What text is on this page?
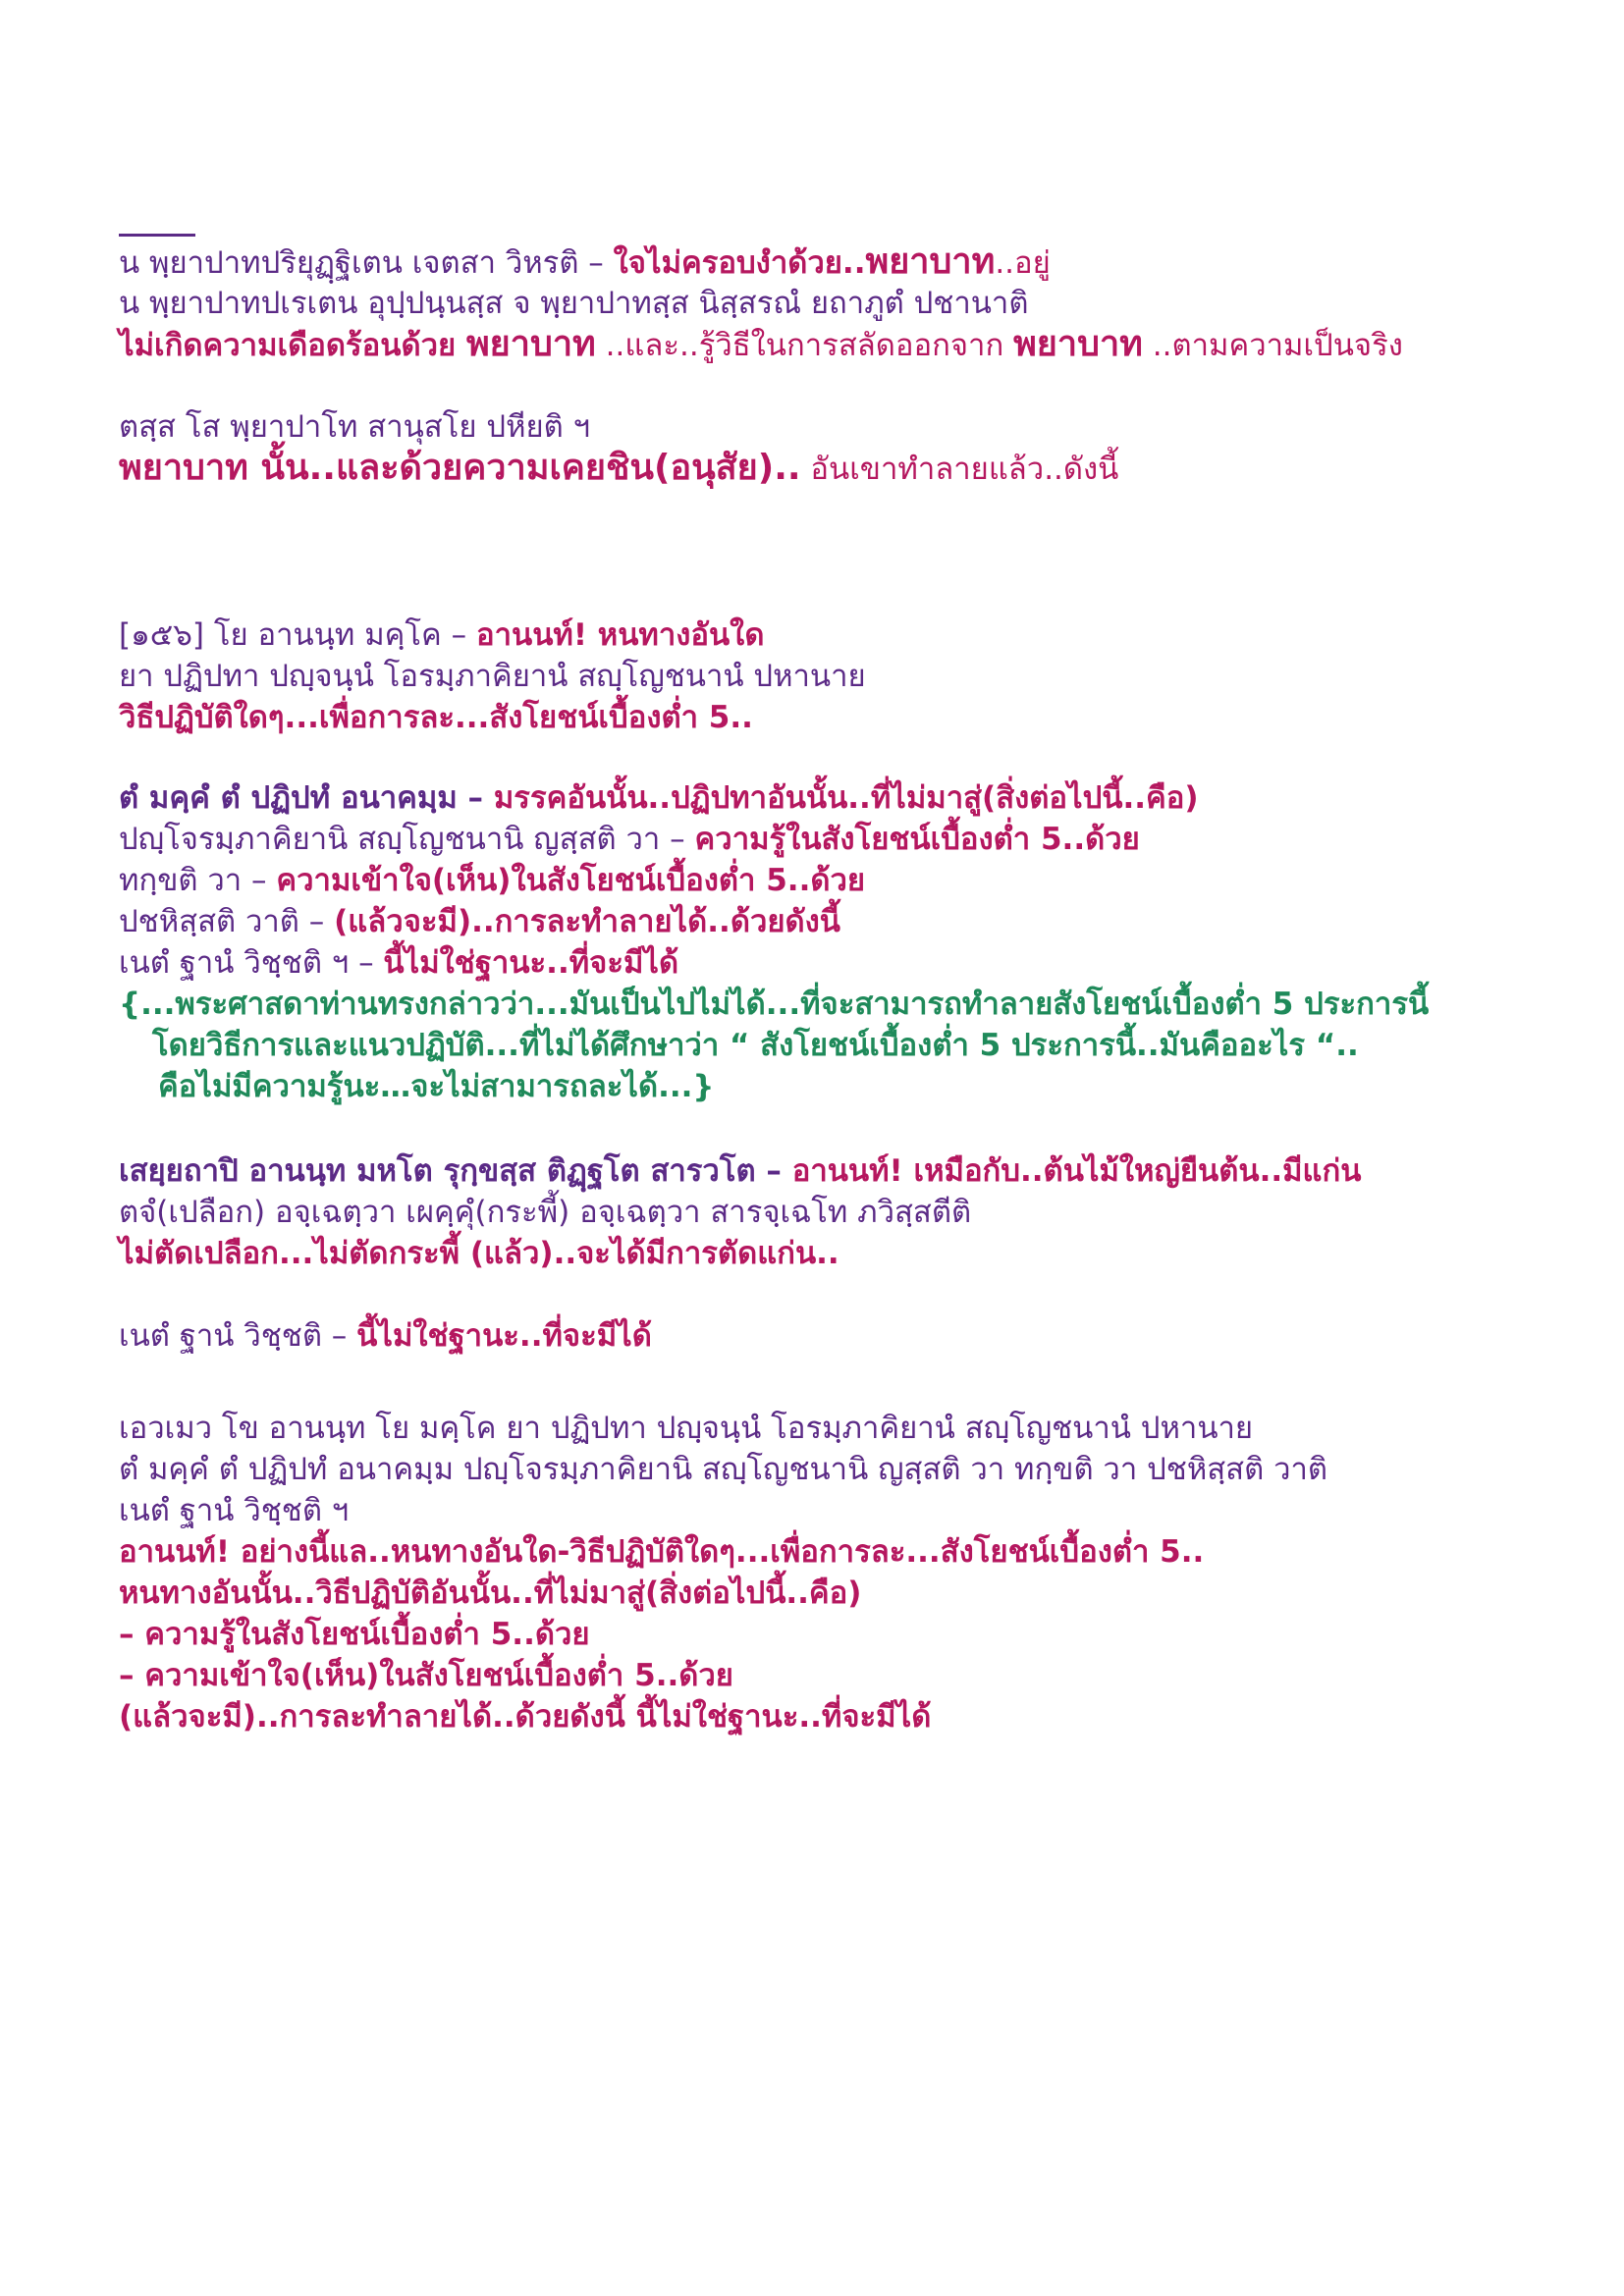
น พฺยาปาทปริยุฏฺฐิเตน เจตสา วิหรติ – ใจไม่ครอบงำด้วย..พยาบาท..อยู่
น พฺยาปาทปเรเตน อุปฺปนฺนสฺส จ พฺยาปาทสฺส นิสฺสรณํ ยถาภูตํ ปชานาติ
ไม่เกิดความเดือดร้อนด้วย พยาบาท ..และ..รู้วิธีในการสลัดออกจาก พยาบาท ..ตามความเป็นจริง
ตสฺส โส พฺยาปาโท สานุสโย ปหียติ ฯ
พยาบาท นั้น..และด้วยความเคยชิน(อนุสัย).. อันเขาทำลายแล้ว..ดังนี้
[๑๕๖] โย อานนฺท มคฺโค – อานนท์! หนทางอันใด
ยา ปฏิปทา ปญฺจนฺนํ โอรมฺภาคิยานํ สญฺโญชนานํ ปหานาย
วิธีปฏิบัติใดๆ...เพื่อการละ...สังโยชน์เบื้องต่ำ 5..
ตํ มคฺคํ ตํ ปฏิปทํ อนาคมฺม – มรรคอันนั้น..ปฏิปทาอันนั้น..ที่ไม่มาสู่(สิ่งต่อไปนี้..คือ)
ปญฺโจรมฺภาคิยานิ สญฺโญชนานิ ญสฺสติ วา – ความรู้ในสังโยชน์เบื้องต่ำ 5..ด้วย
ทกฺขติ วา – ความเข้าใจ(เห็น)ในสังโยชน์เบื้องต่ำ 5..ด้วย
ปชหิสฺสติ วาติ – (แล้วจะมี)..การละทำลายได้..ด้วยดังนี้
เนตํ ฐานํ วิชฺชติ ฯ – นี้ไม่ใช่ฐานะ..ที่จะมีได้
{...พระศาสดาท่านทรงกล่าวว่า...มันเป็นไปไม่ได้...ที่จะสามารถทำลายสังโยชน์เบื้องต่ำ 5 ประการนี้
โดยวิธีการและแนวปฏิบัติ...ที่ไม่ได้ศึกษาว่า “ สังโยชน์เบื้องต่ำ 5 ประการนี้..มันคืออะไร “..
คือไม่มีความรู้นะ…จะไม่สามารถละได้...}
เสยฺยถาปิ อานนฺท มหโต รุกฺขสฺส ติฏฺฐโต สารวโต – อานนท์! เหมือกับ..ต้นไม้ใหญ่ยืนต้น..มีแก่น
ตจํ(เปลือก) อจฺเฉตฺวา เผคฺคุํ(กระพี้) อจฺเฉตฺวา สารจฺเฉโท ภวิสฺสตีติ
ไม่ตัดเปลือก...ไม่ตัดกระพี้ (แล้ว)..จะได้มีการตัดแก่น..
เนตํ ฐานํ วิชฺชติ – นี้ไม่ใช่ฐานะ..ที่จะมีได้
เอวเมว โข อานนฺท โย มคฺโค ยา ปฏิปทา ปญฺจนฺนํ โอรมฺภาคิยานํ สญฺโญชนานํ ปหานาย
ตํ มคฺคํ ตํ ปฏิปทํ อนาคมฺม ปญฺโจรมฺภาคิยานิ สญฺโญชนานิ ญสฺสติ วา ทกฺขติ วา ปชหิสฺสติ วาติ
เนตํ ฐานํ วิชฺชติ ฯ
อานนท์! อย่างนี้แล..หนทางอันใด-วิธีปฏิบัติใดๆ...เพื่อการละ...สังโยชน์เบื้องต่ำ 5..
หนทางอันนั้น..วิธีปฏิบัติอันนั้น..ที่ไม่มาสู่(สิ่งต่อไปนี้..คือ)
– ความรู้ในสังโยชน์เบื้องต่ำ 5..ด้วย
– ความเข้าใจ(เห็น)ในสังโยชน์เบื้องต่ำ 5..ด้วย
(แล้วจะมี)..การละทำลายได้..ด้วยดังนี้ นี้ไม่ใช่ฐานะ..ที่จะมีได้
